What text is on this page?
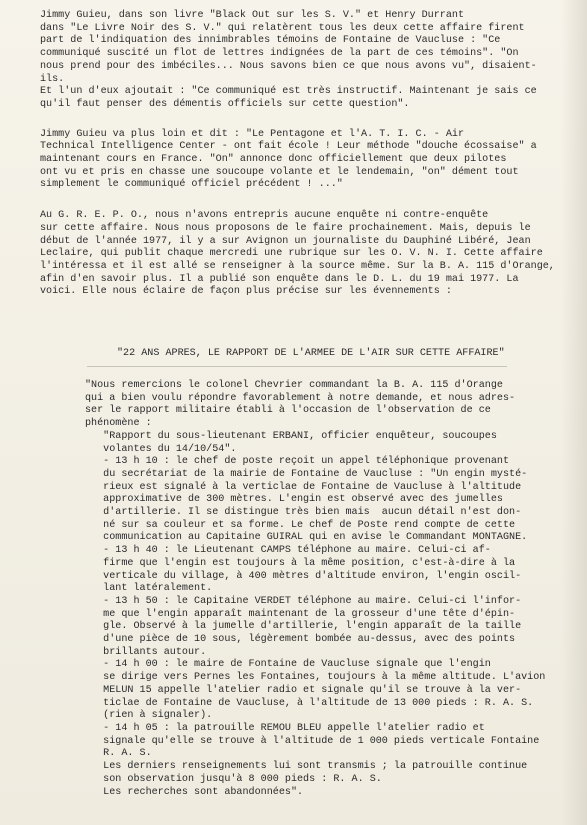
Jimmy Guieu, dans son livre "Black Out sur les S. V." et Henry Durrant
dans "Le Livre Noir des S. V." qui relatèrent tous les deux cette affaire firent
part de l'indiquation des innimbrables témoins de Fontaine de Vaucluse : "Ce
communiqué suscité un flot de lettres indignées de la part de ces témoins". "On
nous prend pour des imbéciles... Nous savons bien ce que nous avons vu", disaient-ils.
Et l'un d'eux ajoutait : "Ce communiqué est très instructif. Maintenant je sais ce
qu'il faut penser des démentis officiels sur cette question".

Jimmy Guieu va plus loin et dit : "Le Pentagone et l'A. T. I. C. - Air
Technical Intelligence Center - ont fait école ! Leur méthode "douche écossaise" a
maintenant cours en France. "On" annonce donc officiellement que deux pilotes
ont vu et pris en chasse une soucoupe volante et le lendemain, "on" dément tout
simplement le communiqué officiel précédent ! ..."

Au G. R. E. P. O., nous n'avons entrepris aucune enquête ni contre-enquête
sur cette affaire. Nous nous proposons de le faire prochainement. Mais, depuis le
début de l'année 1977, il y a sur Avignon un journaliste du Dauphiné Libéré, Jean
Leclaire, qui publit chaque mercredi une rubrique sur les O. V. N. I. Cette affaire
l'intéressa et il est allé se renseigner à la source même. Sur la B. A. 115 d'Orange,
afin d'en savoir plus. Il a publié son enquête dans le D. L. du 19 mai 1977. La
voici. Elle nous éclaire de façon plus précise sur les évennements :

"22 ANS APRES, LE RAPPORT DE L'ARMEE DE L'AIR SUR CETTE AFFAIRE"
"Nous remercions le colonel Chevrier commandant la B. A. 115 d'Orange
qui a bien voulu répondre favorablement à notre demande, et nous adres-
ser le rapport militaire établi à l'occasion de l'observation de ce
phénomène :
"Rapport du sous-lieutenant ERBANI, officier enquêteur, soucoupes
volantes du 14/10/54".
- 13 h 10 : le chef de poste reçoit un appel téléphonique provenant
du secrétariat de la mairie de Fontaine de Vaucluse : "Un engin mysté-
rieux est signalé à la verticlae de Fontaine de Vaucluse à l'altitude
approximative de 300 mètres. L'engin est observé avec des jumelles
d'artillerie. Il se distingue très bien mais  aucun détail n'est don-
né sur sa couleur et sa forme. Le chef de Poste rend compte de cette
communication au Capitaine GUIRAL qui en avise le Commandant MONTAGNE.
- 13 h 40 : le Lieutenant CAMPS téléphone au maire. Celui-ci af-
firme que l'engin est toujours à la même position, c'est-à-dire à la
verticale du village, à 400 mètres d'altitude environ, l'engin oscil-
lant latéralement.
- 13 h 50 : le Capitaine VERDET téléphone au maire. Celui-ci l'infor-
me que l'engin apparaît maintenant de la grosseur d'une tête d'épin-
gle. Observé à la jumelle d'artillerie, l'engin apparaît de la taille
d'une pièce de 10 sous, légèrement bombée au-dessus, avec des points
brillants autour.
- 14 h 00 : le maire de Fontaine de Vaucluse signale que l'engin
se dirige vers Pernes les Fontaines, toujours à la même altitude. L'avion
MELUN 15 appelle l'atelier radio et signale qu'il se trouve à la ver-
ticlae de Fontaine de Vaucluse, à l'altitude de 13 000 pieds : R. A. S.
(rien à signaler).
- 14 h 05 : la patrouille REMOU BLEU appelle l'atelier radio et
signale qu'elle se trouve à l'altitude de 1 000 pieds verticale Fontaine
R. A. S.
Les derniers renseignements lui sont transmis ; la patrouille continue
son observation jusqu'à 8 000 pieds : R. A. S.
Les recherches sont abandonnées".
